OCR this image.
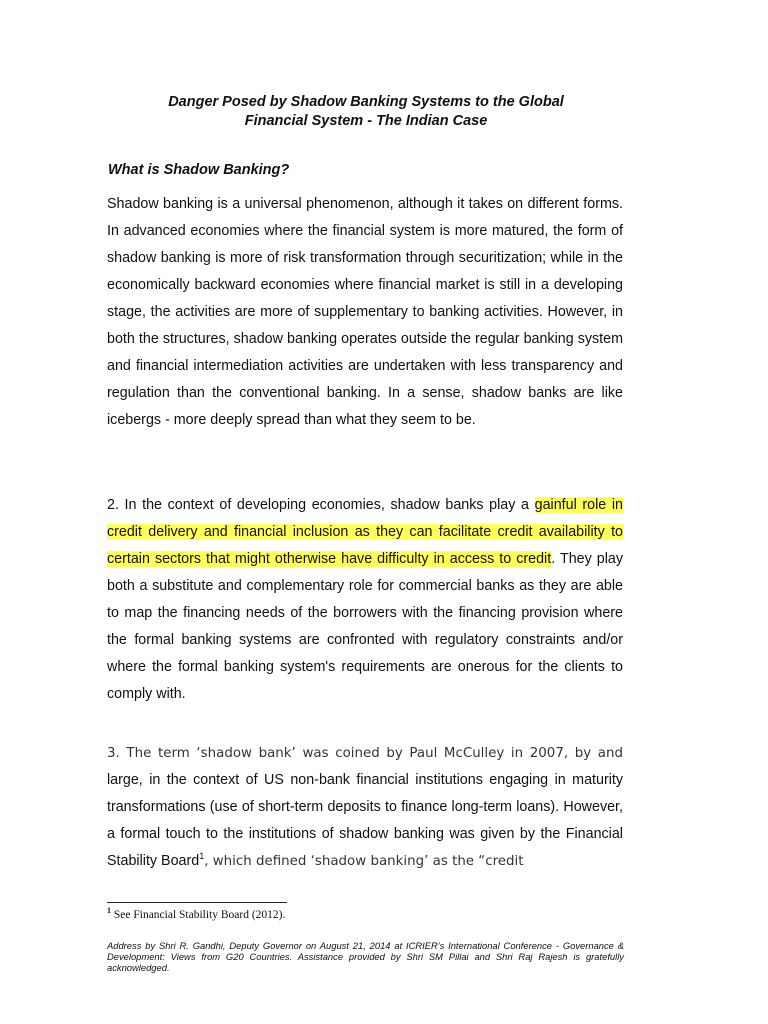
Danger Posed by Shadow Banking Systems to the Global
Financial System - The Indian Case
What is Shadow Banking?

Shadow banking is a universal phenomenon, although it takes on different forms. In advanced economies where the financial system is more matured, the form of shadow banking is more of risk transformation through securitization; while in the economically backward economies where financial market is still in a developing stage, the activities are more of supplementary to banking activities. However, in both the structures, shadow banking operates outside the regular banking system and financial intermediation activities are undertaken with less transparency and regulation than the conventional banking. In a sense, shadow banks are like icebergs - more deeply spread than what they seem to be.

2. In the context of developing economies, shadow banks play a gainful role in credit delivery and financial inclusion as they can facilitate credit availability to certain sectors that might otherwise have difficulty in access to credit. They play both a substitute and complementary role for commercial banks as they are able to map the financing needs of the borrowers with the financing provision where the formal banking systems are confronted with regulatory constraints and/or where the formal banking system's requirements are onerous for the clients to comply with.

3. The term ‘shadow bank’ was coined by Paul McCulley in 2007, by and large, in the context of US non-bank financial institutions engaging in maturity transformations (use of short-term deposits to finance long-term loans). However, a formal touch to the institutions of shadow banking was given by the Financial Stability Board$^1$, which defined ‘shadow banking’ as the “credit

$^1$ See Financial Stability Board (2012).
Address by Shri R. Gandhi, Deputy Governor on August 21, 2014 at ICRIER's International Conference - Governance & Development: Views from G20 Countries. Assistance provided by Shri SM Pillai and Shri Raj Rajesh is gratefully acknowledged.
